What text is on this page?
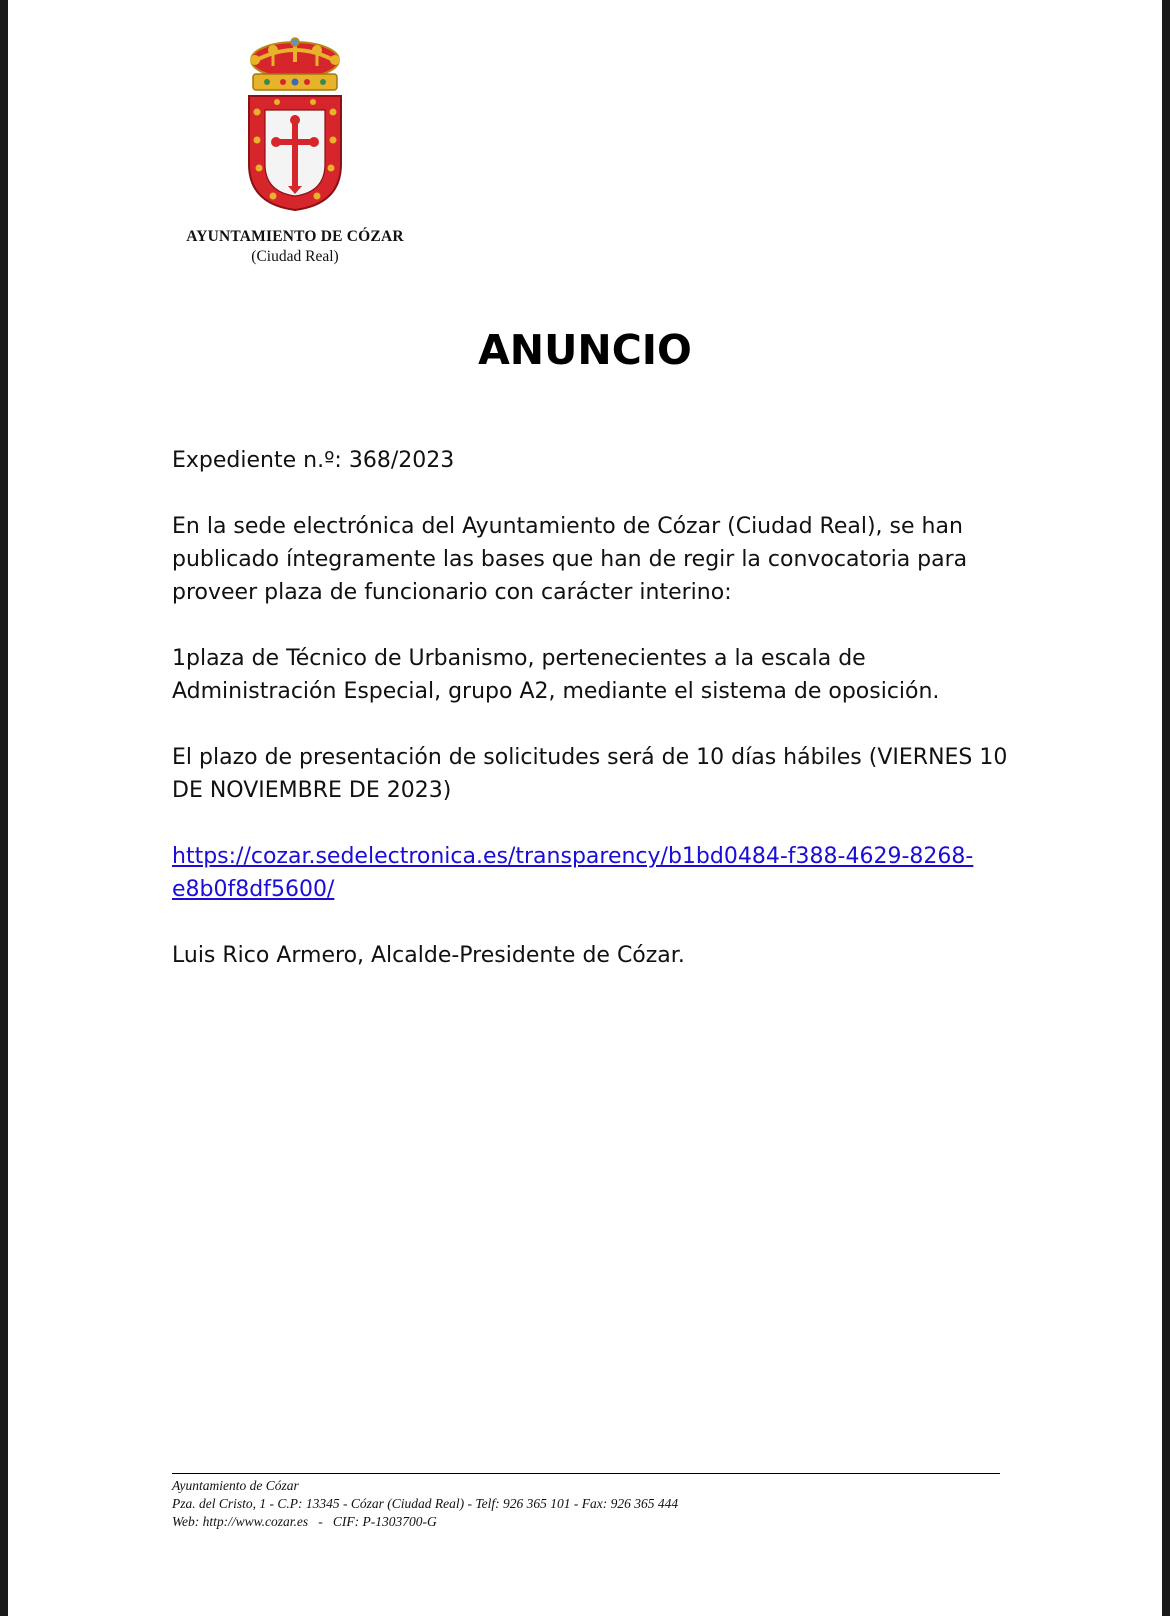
AYUNTAMIENTO DE CÓZAR
(Ciudad Real)
ANUNCIO

Expediente n.º: 368/2023

En la sede electrónica del Ayuntamiento de Cózar (Ciudad Real), se han publicado íntegramente las bases que han de regir la convocatoria para proveer plaza de funcionario con carácter interino:

1plaza de Técnico de Urbanismo, pertenecientes a la escala de Administración Especial, grupo A2, mediante el sistema de oposición.

El plazo de presentación de solicitudes será de 10 días hábiles (VIERNES 10 DE NOVIEMBRE DE 2023)

https://cozar.sedelectronica.es/transparency/b1bd0484-f388-4629-8268-e8b0f8df5600/

Luis Rico Armero, Alcalde-Presidente de Cózar.

Ayuntamiento de Cózar
Pza. del Cristo, 1 - C.P: 13345 - Cózar (Ciudad Real) - Telf: 926 365 101 - Fax: 926 365 444
Web: http://www.cozar.es   -   CIF: P-1303700-G
